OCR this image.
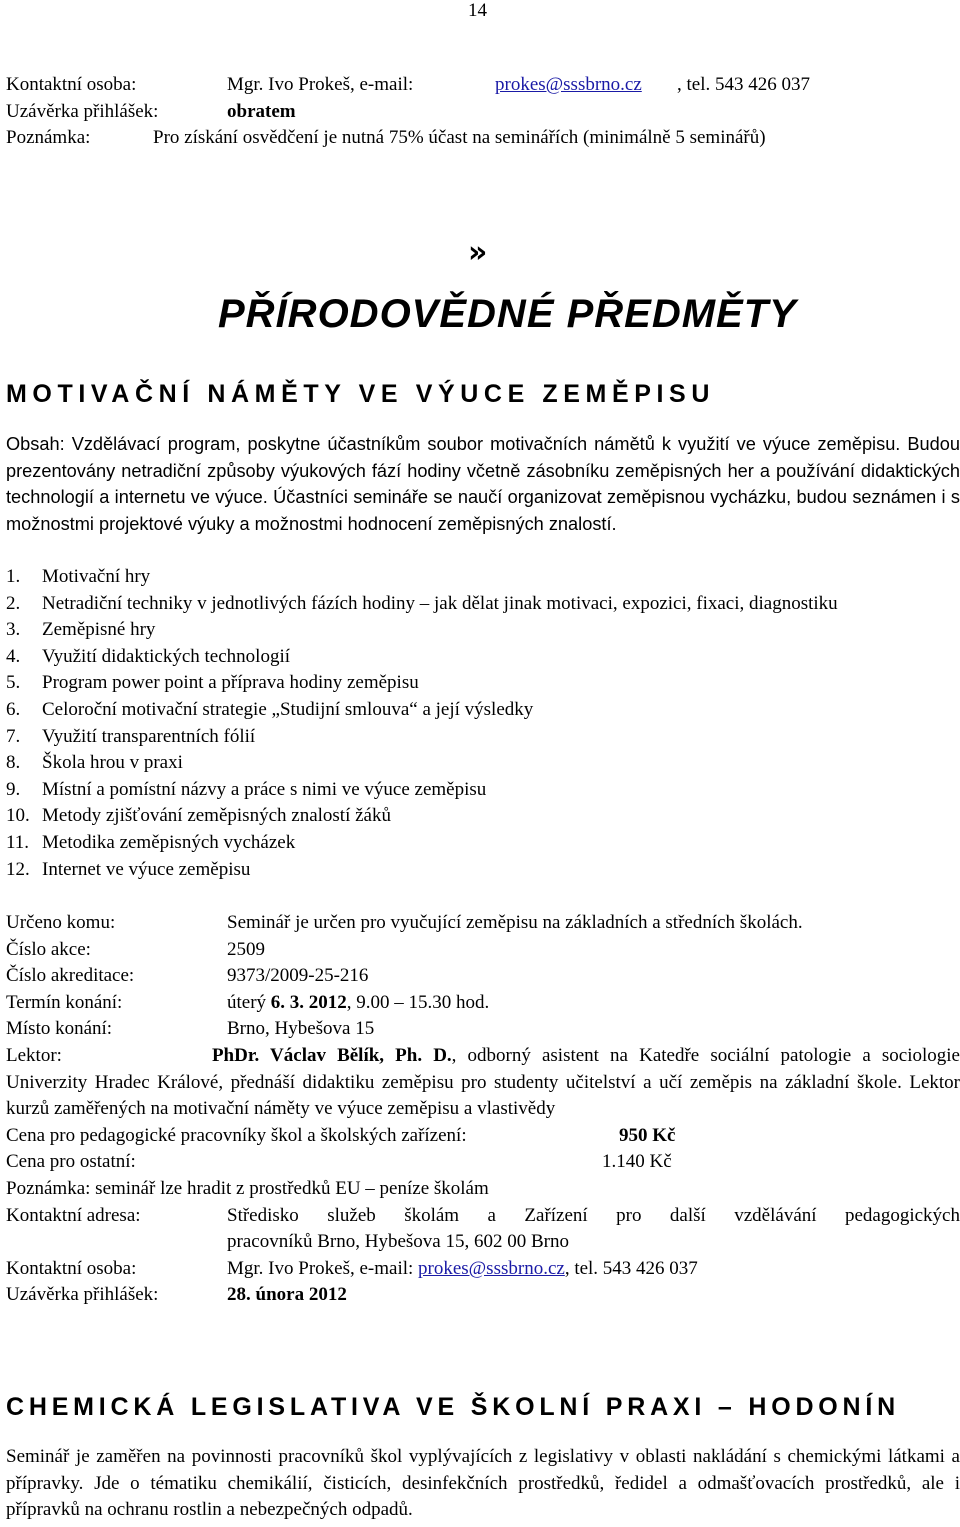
14
Kontaktní osoba:	Mgr. Ivo Prokeš, e-mail:	prokes@sssbrno.cz , tel. 543 426 037
Uzávěrka přihlášek:	obratem
Poznámka:	Pro získání osvědčení je nutná 75% účast na seminářích (minimálně 5 seminářů)
»
PŘÍRODOVĚDNÉ PŘEDMĚTY
MOTIVAČNÍ NÁMĚTY VE VÝUCE ZEMĚPISU

Obsah: Vzdělávací program, poskytne účastníkům soubor motivačních námětů k využití ve výuce zeměpisu. Budou prezentovány netradiční způsoby výukových fází hodiny včetně zásobníku zeměpisných her a používání didaktických technologií a internetu ve výuce. Účastníci semináře se naučí organizovat zeměpisnou vycházku, budou seznámen i s možnostmi projektové výuky a možnostmi hodnocení zeměpisných znalostí.

1. Motivační hry
2. Netradiční techniky v jednotlivých fázích hodiny – jak dělat jinak motivaci, expozici, fixaci, diagnostiku

3. Zeměpisné hry
4. Využití didaktických technologií
5. Program power point a příprava hodiny zeměpisu
6. Celoroční motivační strategie „Studijní smlouva“ a její výsledky
7. Využití transparentních fólií
8. Škola hrou v praxi
9. Místní a pomístní názvy a práce s nimi ve výuce zeměpisu
10. Metody zjišťování zeměpisných znalostí žáků
11. Metodika zeměpisných vycházek
12. Internet ve výuce zeměpisu
Určeno komu:	Seminář je určen pro vyučující zeměpisu na základních a středních školách.
Číslo akce:	2509
Číslo akreditace:	9373/2009-25-216
Termín konání:	úterý 6. 3. 2012, 9.00 – 15.30 hod.
Místo konání:	Brno, Hybešova 15

Lektor:	PhDr. Václav Bělík, Ph. D., odborný asistent na Katedře sociální patologie a sociologie Univerzity Hradec Králové, přednáší didaktiku zeměpisu pro studenty učitelství a učí zeměpis na základní škole. Lektor kurzů zaměřených na motivační náměty ve výuce zeměpisu a vlastivědy

Cena pro pedagogické pracovníky škol a školských zařízení:	950 Kč
Cena pro ostatní:	1.140 Kč
Poznámka: seminář lze hradit z prostředků EU – peníze školám
Kontaktní adresa:	Středisko služeb školám a Zařízení pro další vzdělávání pedagogických
pracovníků Brno, Hybešova 15, 602 00 Brno
Kontaktní osoba:	Mgr. Ivo Prokeš, e-mail: prokes@sssbrno.cz, tel. 543 426 037
Uzávěrka přihlášek:	28. února 2012
CHEMICKÁ LEGISLATIVA VE ŠKOLNÍ PRAXI – HODONÍN

Seminář je zaměřen na povinnosti pracovníků škol vyplývajících z legislativy v oblasti nakládání s chemickými látkami a přípravky. Jde o tématiku chemikálií, čisticích, desinfekčních prostředků, ředidel a odmašťovacích prostředků, ale i přípravků na ochranu rostlin a nebezpečných odpadů.
